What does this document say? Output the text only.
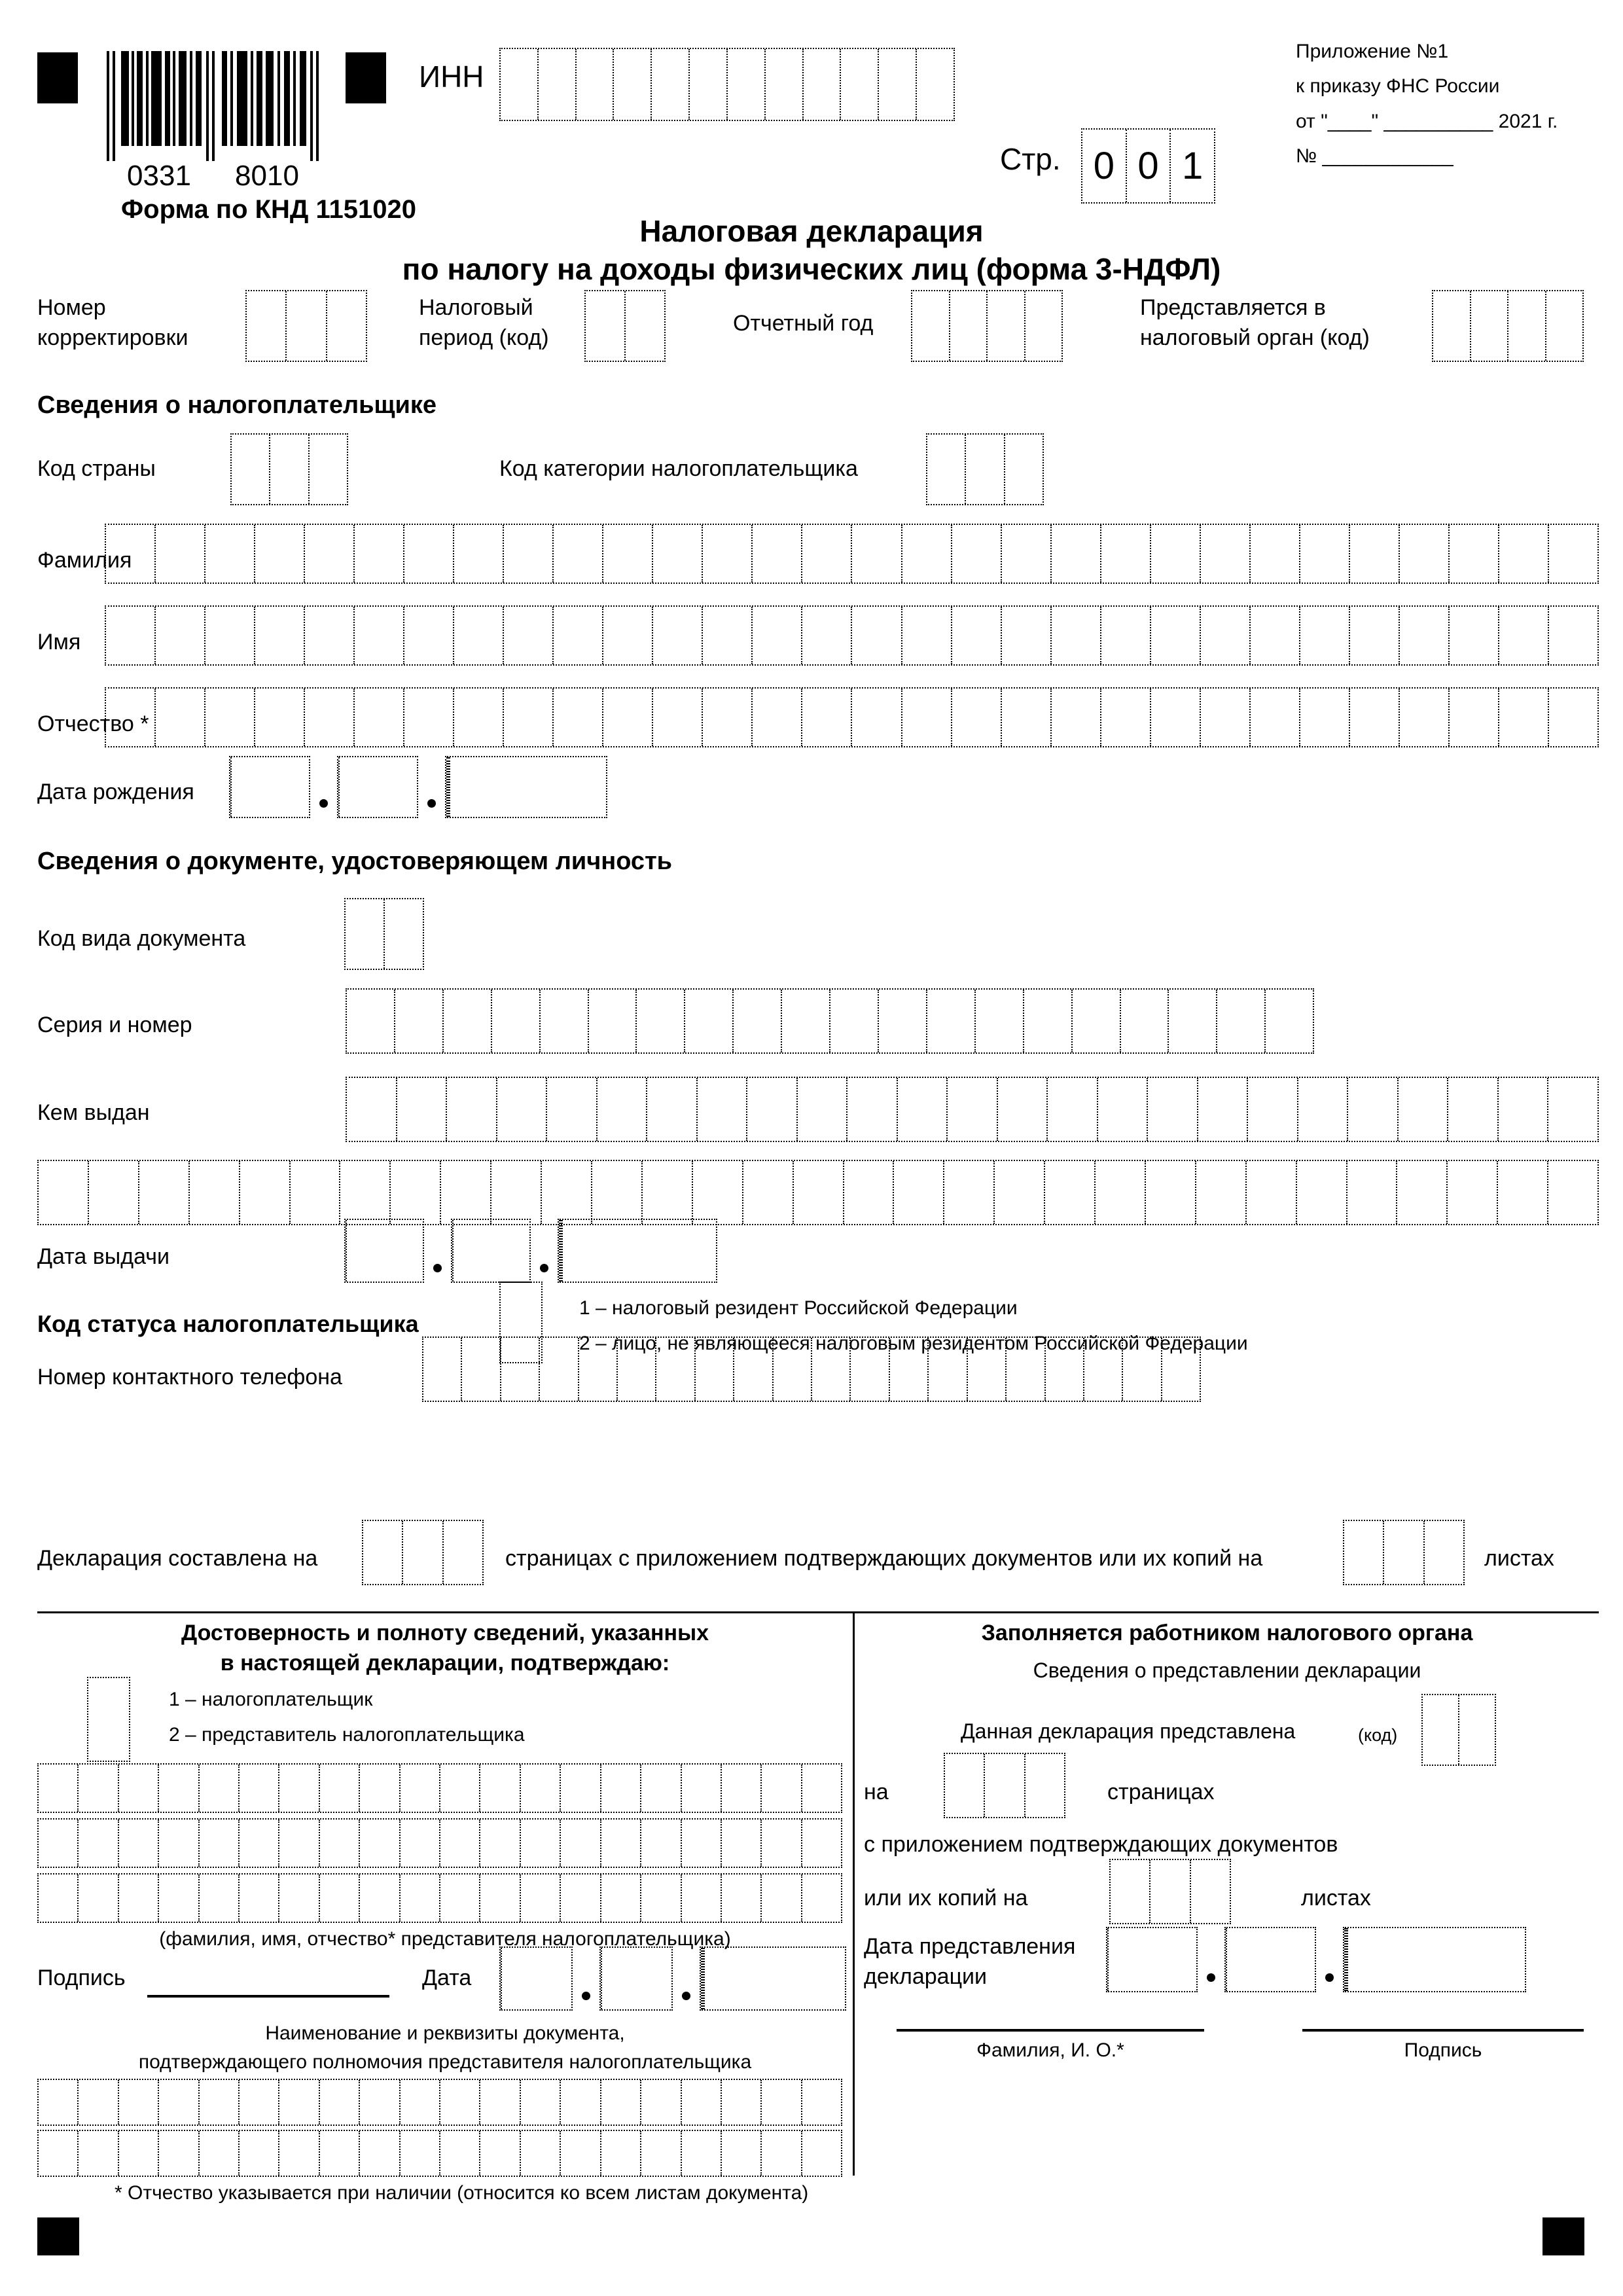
0331 8010
ИНН
Стр. 0 0 1
Приложение №1
к приказу ФНС России
от "____" __________ 2021 г.
№ ____________
Форма по КНД 1151020
Налоговая декларация
по налогу на доходы физических лиц (форма 3-НДФЛ)
Номер
корректировки
Налоговый
период (код)
Отчетный год
Представляется в
налоговый орган (код)
Сведения о налогоплательщике
Код страны	Код категории налогоплательщика
Фамилия
Имя
Отчество *
Дата рождения
Сведения о документе, удостоверяющем личность
Код вида документа
Серия и номер
Кем выдан
Дата выдачи
Код статуса налогоплательщика
1 – налоговый резидент Российской Федерации
2 – лицо, не являющееся налоговым резидентом Российской Федерации
Номер контактного телефона
Декларация составлена на	страницах с приложением подтверждающих документов или их копий на	листах
Достоверность и полноту сведений, указанных
в настоящей декларации, подтверждаю:
1 – налогоплательщик
2 – представитель налогоплательщика
(фамилия, имя, отчество* представителя налогоплательщика)
Подпись	Дата
Наименование и реквизиты документа,
подтверждающего полномочия представителя налогоплательщика
Заполняется работником налогового органа
Сведения о представлении декларации
Данная декларация представлена	(код)
на	страницах
с приложением подтверждающих документов
или их копий на	листах
Дата представления
декларации
Фамилия, И. О.*	Подпись
* Отчество указывается при наличии (относится ко всем листам документа)
